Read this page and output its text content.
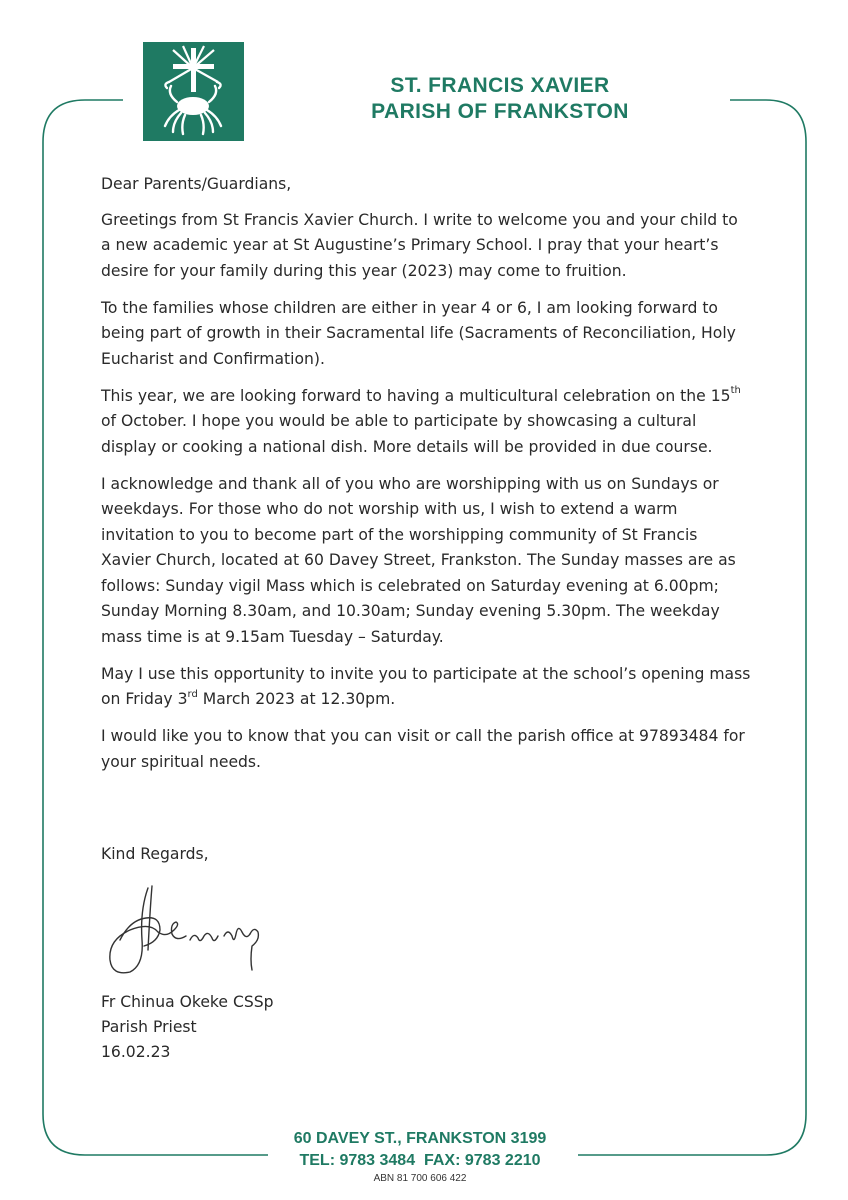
ST. FRANCIS XAVIER
PARISH OF FRANKSTON

Dear Parents/Guardians,

Greetings from St Francis Xavier Church. I write to welcome you and your child to a new academic year at St Augustine’s Primary School. I pray that your heart’s desire for your family during this year (2023) may come to fruition.

To the families whose children are either in year 4 or 6, I am looking forward to being part of growth in their Sacramental life (Sacraments of Reconciliation, Holy Eucharist and Confirmation).

This year, we are looking forward to having a multicultural celebration on the 15th of October. I hope you would be able to participate by showcasing a cultural display or cooking a national dish. More details will be provided in due course.

I acknowledge and thank all of you who are worshipping with us on Sundays or weekdays. For those who do not worship with us, I wish to extend a warm invitation to you to become part of the worshipping community of St Francis Xavier Church, located at 60 Davey Street, Frankston. The Sunday masses are as follows: Sunday vigil Mass which is celebrated on Saturday evening at 6.00pm; Sunday Morning 8.30am, and 10.30am; Sunday evening 5.30pm. The weekday mass time is at 9.15am Tuesday – Saturday.

May I use this opportunity to invite you to participate at the school’s opening mass on Friday 3rd March 2023 at 12.30pm.

I would like you to know that you can visit or call the parish office at 97893484 for your spiritual needs.

Kind Regards,
Fr Chinua Okeke CSSp
Parish Priest
16.02.23
60 DAVEY ST., FRANKSTON 3199
TEL: 9783 3484  FAX: 9783 2210
ABN 81 700 606 422
